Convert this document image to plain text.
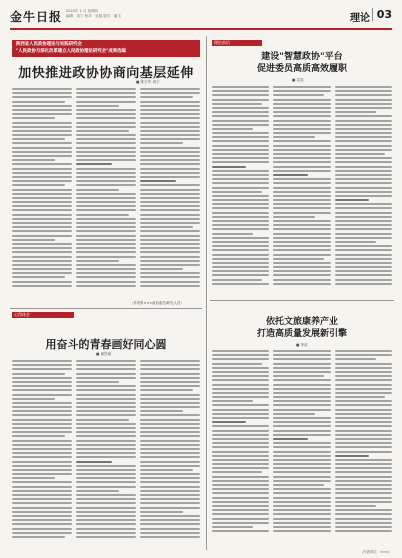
金牛日报 2025年 1 月 星期四
编辑：周宁 校对：吴娟 版式：蒲飞	理论 03
陕西省人民政协理论与实践研究会
"人民政协与深化改革建立人民政协理论研究会"成果选编
加快推进政协协商向基层延伸
■ 陈宏军 周宁
（作者系×××政协委员/研究人员）
心得体会
用奋斗的青春画好同心圆
■ 谢思敏
理论前沿
建设"智慧政协"平台
促进委员高质高效履职
■ 袁凯
依托文旅康养产业
打造高质量发展新引擎
■ 李政
（作者单位：×××）
